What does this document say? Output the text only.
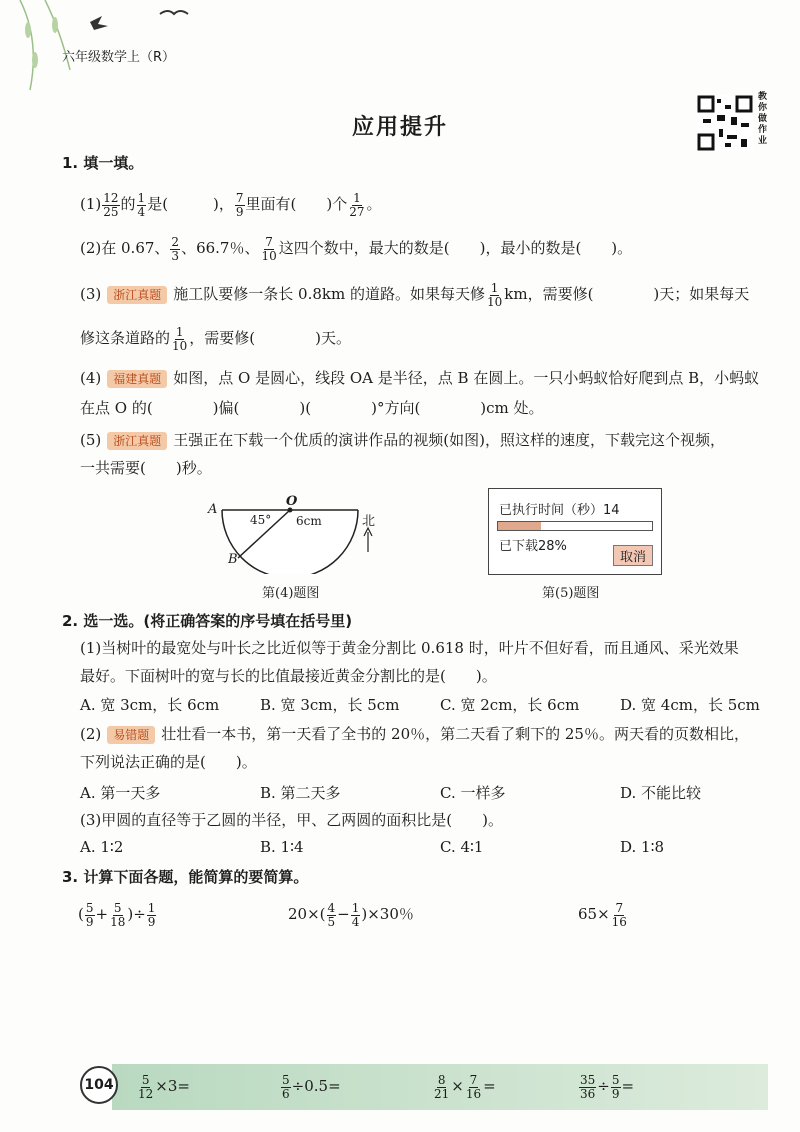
六年级数学上（R）
应用提升
教你做作业
1. 填一填。
$(1) \frac{12}{25}$ 的 $\frac{1}{4}$ 是(　　　)， $\frac{7}{9}$ 里面有(　　)个 $\frac{1}{27}$ 。
(2)在 0.67、 $\frac{2}{3}$ 、66.7％、 $\frac{7}{10}$ 这四个数中，最大的数是(　　)，最小的数是(　　)。
(3) 浙江真题 施工队要修一条长 0.8km 的道路。如果每天修 $\frac{1}{10}$ km，需要修(　　　　)天；如果每天
修这条道路的 $\frac{1}{10}$ ，需要修(　　　　)天。
(4) 福建真题 如图，点 O 是圆心，线段 OA 是半径，点 B 在圆上。一只小蚂蚁恰好爬到点 B，小蚂蚁
在点 O 的(　　　　)偏(　　　　)(　　　　)°方向(　　　　)cm 处。
(5) 浙江真题 王强正在下载一个优质的演讲作品的视频(如图)，照这样的速度，下载完这个视频，
一共需要(　　)秒。
A
O
B
45° 6cm	北
第(4)题图
已执行时间（秒）14
已下载28%
取消
第(5)题图
2. 选一选。(将正确答案的序号填在括号里)
(1)当树叶的最宽处与叶长之比近似等于黄金分割比 0.618 时，叶片不但好看，而且通风、采光效果
最好。下面树叶的宽与长的比值最接近黄金分割比的是(　　)。
A. 宽 3cm，长 6cm	B. 宽 3cm，长 5cm	C. 宽 2cm，长 6cm	D. 宽 4cm，长 5cm
(2) 易错题 壮壮看一本书，第一天看了全书的 20％，第二天看了剩下的 25％。两天看的页数相比，
下列说法正确的是(　　)。
A. 第一天多	B. 第二天多	C. 一样多	D. 不能比较
(3)甲圆的直径等于乙圆的半径，甲、乙两圆的面积比是(　　)。
A. 1∶2	B. 1∶4	C. 4∶1	D. 1∶8
3. 计算下面各题，能简算的要简算。
( $\frac{5}{9} + \frac{5}{18}$ )÷ $\frac{1}{9}$	$20\times( \frac{4}{5} - \frac{1}{4} )\times 30$％	$65\times \frac{7}{16}$
104	$\frac{5}{12} \times 3=$	$\frac{5}{6} \div 0.5=$	$\frac{8}{21} \times \frac{7}{16}$ =	$\frac{35}{36} \div \frac{5}{9}$ =
